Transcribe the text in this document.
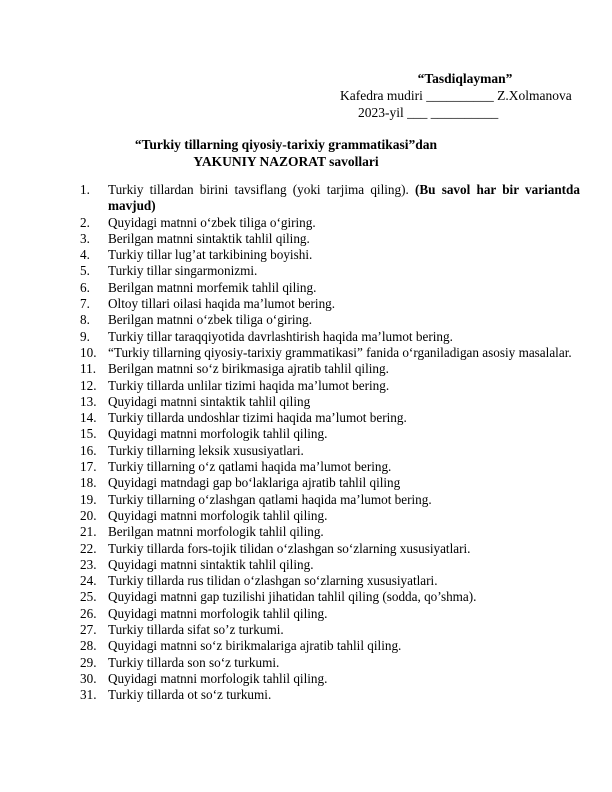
“Tasdiqlayman”
Kafedra mudiri __________ Z.Xolmanova
2023-yil ___ __________
“Turkiy tillarning qiyosiy-tarixiy grammatikasi”dan
YAKUNIY NAZORAT savollari
1. Turkiy tillardan birini tavsiflang (yoki tarjima qiling). (Bu savol har bir variantda mavjud)
2. Quyidagi matnni o‘zbek tiliga o‘giring.
3. Berilgan matnni sintaktik tahlil qiling.
4. Turkiy tillar lug’at tarkibining boyishi.
5. Turkiy tillar singarmonizmi.
6. Berilgan matnni morfemik tahlil qiling.
7. Oltoy tillari oilasi haqida ma’lumot bering.
8. Berilgan matnni o‘zbek tiliga o‘giring.
9. Turkiy tillar taraqqiyotida davrlashtirish haqida ma’lumot bering.
10. “Turkiy tillarning qiyosiy-tarixiy grammatikasi” fanida o‘rganiladigan asosiy masalalar.
11. Berilgan matnni so‘z birikmasiga ajratib tahlil qiling.
12. Turkiy tillarda unlilar tizimi haqida ma’lumot bering.
13. Quyidagi matnni sintaktik tahlil qiling
14. Turkiy tillarda undoshlar tizimi haqida ma’lumot bering.
15. Quyidagi matnni morfologik tahlil qiling.
16. Turkiy tillarning leksik xususiyatlari.
17. Turkiy tillarning o‘z qatlami haqida ma’lumot bering.
18. Quyidagi matndagi gap bo‘laklariga ajratib tahlil qiling
19. Turkiy tillarning o‘zlashgan qatlami haqida ma’lumot bering.
20. Quyidagi matnni morfologik tahlil qiling.
21. Berilgan matnni morfologik tahlil qiling.
22. Turkiy tillarda fors-tojik tilidan o‘zlashgan so‘zlarning xususiyatlari.
23. Quyidagi matnni sintaktik tahlil qiling.
24. Turkiy tillarda rus tilidan o‘zlashgan so‘zlarning xususiyatlari.
25. Quyidagi matnni gap tuzilishi jihatidan tahlil qiling (sodda, qo’shma).
26. Quyidagi matnni morfologik tahlil qiling.
27. Turkiy tillarda sifat so’z turkumi.
28. Quyidagi matnni so‘z birikmalariga ajratib tahlil qiling.
29. Turkiy tillarda son so‘z turkumi.
30. Quyidagi matnni morfologik tahlil qiling.
31. Turkiy tillarda ot so‘z turkumi.
